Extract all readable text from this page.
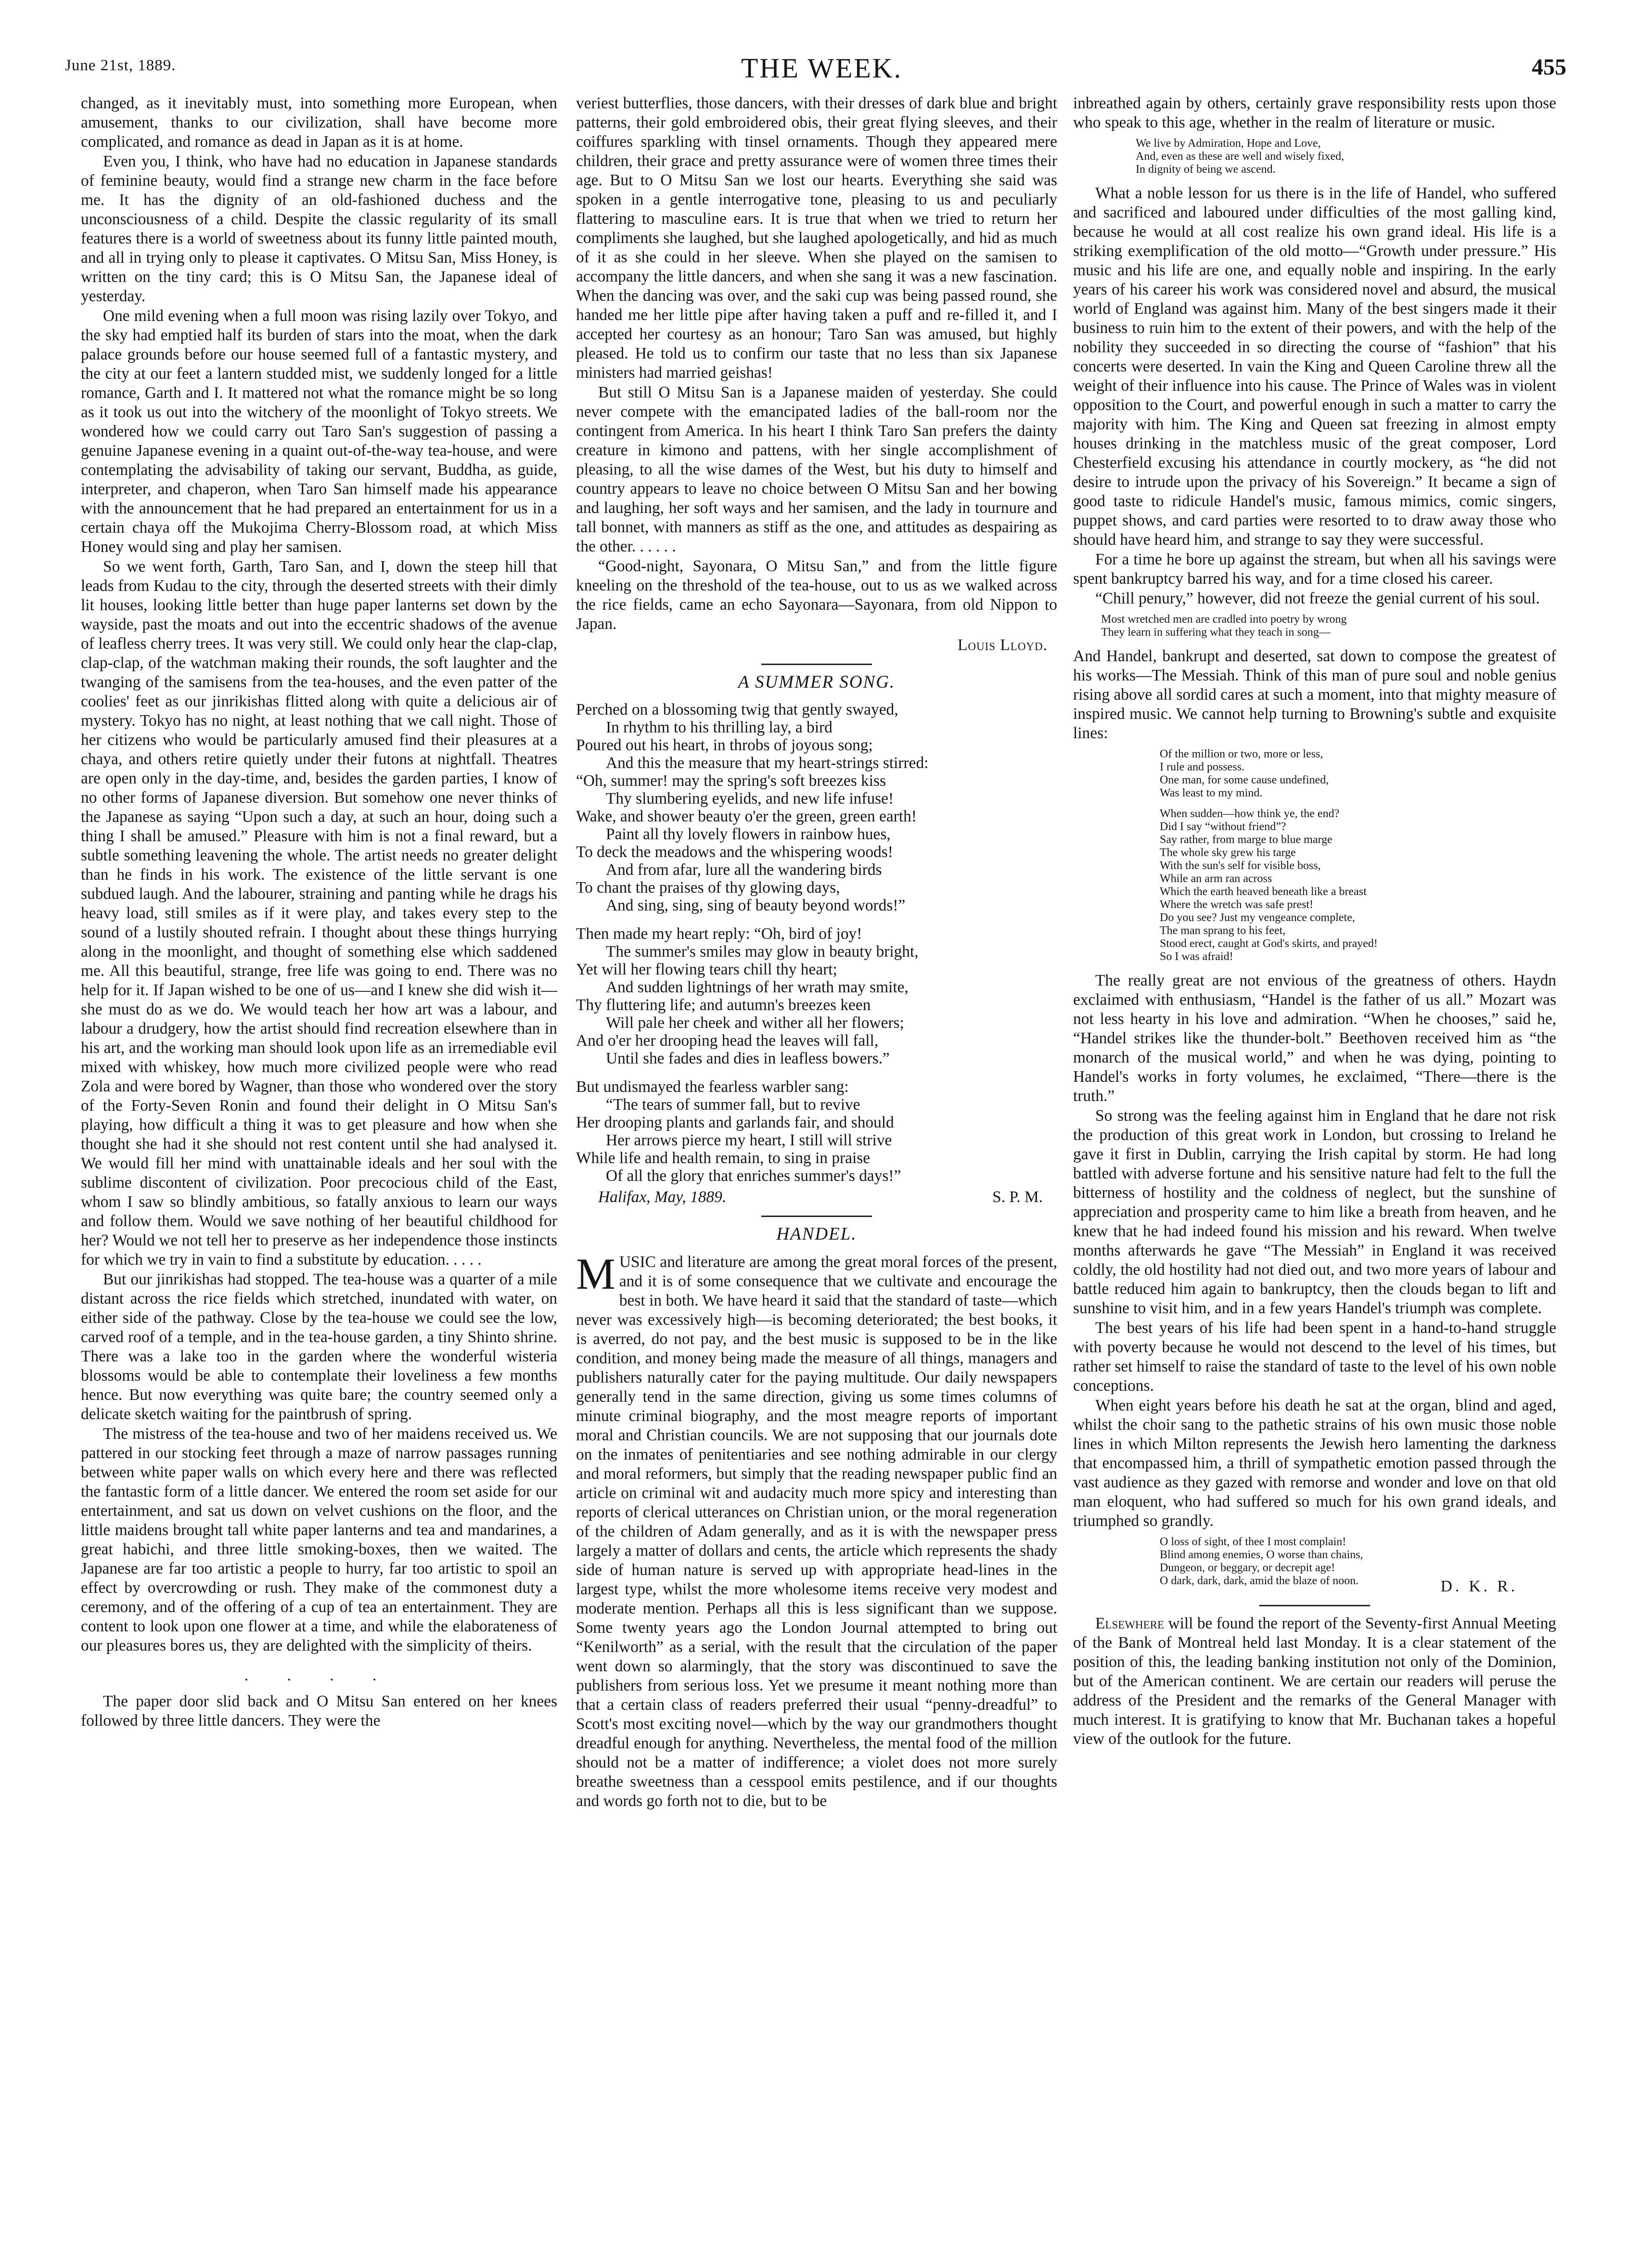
June 21st, 1889.	THE WEEK.	455

changed, as it inevitably must, into something more European, when amusement, thanks to our civilization, shall have become more complicated, and romance as dead in Japan as it is at home.

Even you, I think, who have had no education in Japanese standards of feminine beauty, would find a strange new charm in the face before me. It has the dignity of an old-fashioned duchess and the unconsciousness of a child. Despite the classic regularity of its small features there is a world of sweetness about its funny little painted mouth, and all in trying only to please it captivates. O Mitsu San, Miss Honey, is written on the tiny card; this is O Mitsu San, the Japanese ideal of yesterday.

One mild evening when a full moon was rising lazily over Tokyo, and the sky had emptied half its burden of stars into the moat, when the dark palace grounds before our house seemed full of a fantastic mystery, and the city at our feet a lantern studded mist, we suddenly longed for a little romance, Garth and I. It mattered not what the romance might be so long as it took us out into the witchery of the moonlight of Tokyo streets. We wondered how we could carry out Taro San's suggestion of passing a genuine Japanese evening in a quaint out-of-the-way tea-house, and were contemplating the advisability of taking our servant, Buddha, as guide, interpreter, and chaperon, when Taro San himself made his appearance with the announcement that he had prepared an entertainment for us in a certain chaya off the Mukojima Cherry-Blossom road, at which Miss Honey would sing and play her samisen.

So we went forth, Garth, Taro San, and I, down the steep hill that leads from Kudau to the city, through the deserted streets with their dimly lit houses, looking little better than huge paper lanterns set down by the wayside, past the moats and out into the eccentric shadows of the avenue of leafless cherry trees. It was very still. We could only hear the clap-clap, clap-clap, of the watchman making their rounds, the soft laughter and the twanging of the samisens from the tea-houses, and the even patter of the coolies' feet as our jinrikishas flitted along with quite a delicious air of mystery. Tokyo has no night, at least nothing that we call night. Those of her citizens who would be particularly amused find their pleasures at a chaya, and others retire quietly under their futons at nightfall. Theatres are open only in the day-time, and, besides the garden parties, I know of no other forms of Japanese diversion. But somehow one never thinks of the Japanese as saying “Upon such a day, at such an hour, doing such a thing I shall be amused.” Pleasure with him is not a final reward, but a subtle something leavening the whole. The artist needs no greater delight than he finds in his work. The existence of the little servant is one subdued laugh. And the labourer, straining and panting while he drags his heavy load, still smiles as if it were play, and takes every step to the sound of a lustily shouted refrain. I thought about these things hurrying along in the moonlight, and thought of something else which saddened me. All this beautiful, strange, free life was going to end. There was no help for it. If Japan wished to be one of us—and I knew she did wish it—she must do as we do. We would teach her how art was a labour, and labour a drudgery, how the artist should find recreation elsewhere than in his art, and the working man should look upon life as an irremediable evil mixed with whiskey, how much more civilized people were who read Zola and were bored by Wagner, than those who wondered over the story of the Forty-Seven Ronin and found their delight in O Mitsu San's playing, how difficult a thing it was to get pleasure and how when she thought she had it she should not rest content until she had analysed it. We would fill her mind with unattainable ideals and her soul with the sublime discontent of civilization. Poor precocious child of the East, whom I saw so blindly ambitious, so fatally anxious to learn our ways and follow them. Would we save nothing of her beautiful childhood for her? Would we not tell her to preserve as her independence those instincts for which we try in vain to find a substitute by education. . . . .

But our jinrikishas had stopped. The tea-house was a quarter of a mile distant across the rice fields which stretched, inundated with water, on either side of the pathway. Close by the tea-house we could see the low, carved roof of a temple, and in the tea-house garden, a tiny Shinto shrine. There was a lake too in the garden where the wonderful wisteria blossoms would be able to contemplate their loveliness a few months hence. But now everything was quite bare; the country seemed only a delicate sketch waiting for the paintbrush of spring.

The mistress of the tea-house and two of her maidens received us. We pattered in our stocking feet through a maze of narrow passages running between white paper walls on which every here and there was reflected the fantastic form of a little dancer. We entered the room set aside for our entertainment, and sat us down on velvet cushions on the floor, and the little maidens brought tall white paper lanterns and tea and mandarines, a great habichi, and three little smoking-boxes, then we waited. The Japanese are far too artistic a people to hurry, far too artistic to spoil an effect by overcrowding or rush. They make of the commonest duty a ceremony, and of the offering of a cup of tea an entertainment. They are content to look upon one flower at a time, and while the elaborateness of our pleasures bores us, they are delighted with the simplicity of theirs.

. . . .

The paper door slid back and O Mitsu San entered on her knees followed by three little dancers. They were the

veriest butterflies, those dancers, with their dresses of dark blue and bright patterns, their gold embroidered obis, their great flying sleeves, and their coiffures sparkling with tinsel ornaments. Though they appeared mere children, their grace and pretty assurance were of women three times their age. But to O Mitsu San we lost our hearts. Everything she said was spoken in a gentle interrogative tone, pleasing to us and peculiarly flattering to masculine ears. It is true that when we tried to return her compliments she laughed, but she laughed apologetically, and hid as much of it as she could in her sleeve. When she played on the samisen to accompany the little dancers, and when she sang it was a new fascination. When the dancing was over, and the saki cup was being passed round, she handed me her little pipe after having taken a puff and re-filled it, and I accepted her courtesy as an honour; Taro San was amused, but highly pleased. He told us to confirm our taste that no less than six Japanese ministers had married geishas!

But still O Mitsu San is a Japanese maiden of yesterday. She could never compete with the emancipated ladies of the ball-room nor the contingent from America. In his heart I think Taro San prefers the dainty creature in kimono and pattens, with her single accomplishment of pleasing, to all the wise dames of the West, but his duty to himself and country appears to leave no choice between O Mitsu San and her bowing and laughing, her soft ways and her samisen, and the lady in tournure and tall bonnet, with manners as stiff as the one, and attitudes as despairing as the other. . . . . .

“Good-night, Sayonara, O Mitsu San,” and from the little figure kneeling on the threshold of the tea-house, out to us as we walked across the rice fields, came an echo Sayonara—Sayonara, from old Nippon to Japan.

Louis Lloyd.
A SUMMER SONG.
Perched on a blossoming twig that gently swayed,
In rhythm to his thrilling lay, a bird
Poured out his heart, in throbs of joyous song;
And this the measure that my heart-strings stirred:
“Oh, summer! may the spring's soft breezes kiss
Thy slumbering eyelids, and new life infuse!
Wake, and shower beauty o'er the green, green earth!
Paint all thy lovely flowers in rainbow hues,
To deck the meadows and the whispering woods!
And from afar, lure all the wandering birds
To chant the praises of thy glowing days,
And sing, sing, sing of beauty beyond words!”
Then made my heart reply: “Oh, bird of joy!
The summer's smiles may glow in beauty bright,
Yet will her flowing tears chill thy heart;
And sudden lightnings of her wrath may smite,
Thy fluttering life; and autumn's breezes keen
Will pale her cheek and wither all her flowers;
And o'er her drooping head the leaves will fall,
Until she fades and dies in leafless bowers.”
But undismayed the fearless warbler sang:
“The tears of summer fall, but to revive
Her drooping plants and garlands fair, and should
Her arrows pierce my heart, I still will strive
While life and health remain, to sing in praise
Of all the glory that enriches summer's days!”
Halifax, May, 1889.	S. P. M.
HANDEL.

MUSIC and literature are among the great moral forces of the present, and it is of some consequence that we cultivate and encourage the best in both. We have heard it said that the standard of taste—which never was excessively high—is becoming deteriorated; the best books, it is averred, do not pay, and the best music is supposed to be in the like condition, and money being made the measure of all things, managers and publishers naturally cater for the paying multitude. Our daily newspapers generally tend in the same direction, giving us some times columns of minute criminal biography, and the most meagre reports of important moral and Christian councils. We are not supposing that our journals dote on the inmates of penitentiaries and see nothing admirable in our clergy and moral reformers, but simply that the reading newspaper public find an article on criminal wit and audacity much more spicy and interesting than reports of clerical utterances on Christian union, or the moral regeneration of the children of Adam generally, and as it is with the newspaper press largely a matter of dollars and cents, the article which represents the shady side of human nature is served up with appropriate head-lines in the largest type, whilst the more wholesome items receive very modest and moderate mention. Perhaps all this is less significant than we suppose. Some twenty years ago the London Journal attempted to bring out “Kenilworth” as a serial, with the result that the circulation of the paper went down so alarmingly, that the story was discontinued to save the publishers from serious loss. Yet we presume it meant nothing more than that a certain class of readers preferred their usual “penny-dreadful” to Scott's most exciting novel—which by the way our grandmothers thought dreadful enough for anything. Nevertheless, the mental food of the million should not be a matter of indifference; a violet does not more surely breathe sweetness than a cesspool emits pestilence, and if our thoughts and words go forth not to die, but to be

inbreathed again by others, certainly grave responsibility rests upon those who speak to this age, whether in the realm of literature or music.

We live by Admiration, Hope and Love,
And, even as these are well and wisely fixed,
In dignity of being we ascend.

What a noble lesson for us there is in the life of Handel, who suffered and sacrificed and laboured under difficulties of the most galling kind, because he would at all cost realize his own grand ideal. His life is a striking exemplification of the old motto—“Growth under pressure.” His music and his life are one, and equally noble and inspiring. In the early years of his career his work was considered novel and absurd, the musical world of England was against him. Many of the best singers made it their business to ruin him to the extent of their powers, and with the help of the nobility they succeeded in so directing the course of “fashion” that his concerts were deserted. In vain the King and Queen Caroline threw all the weight of their influence into his cause. The Prince of Wales was in violent opposition to the Court, and powerful enough in such a matter to carry the majority with him. The King and Queen sat freezing in almost empty houses drinking in the matchless music of the great composer, Lord Chesterfield excusing his attendance in courtly mockery, as “he did not desire to intrude upon the privacy of his Sovereign.” It became a sign of good taste to ridicule Handel's music, famous mimics, comic singers, puppet shows, and card parties were resorted to to draw away those who should have heard him, and strange to say they were successful.

For a time he bore up against the stream, but when all his savings were spent bankruptcy barred his way, and for a time closed his career.

“Chill penury,” however, did not freeze the genial current of his soul.

Most wretched men are cradled into poetry by wrong
They learn in suffering what they teach in song—

And Handel, bankrupt and deserted, sat down to compose the greatest of his works—The Messiah. Think of this man of pure soul and noble genius rising above all sordid cares at such a moment, into that mighty measure of inspired music. We cannot help turning to Browning's subtle and exquisite lines:

Of the million or two, more or less,
I rule and possess.
One man, for some cause undefined,
Was least to my mind.
When sudden—how think ye, the end?
Did I say “without friend”?
Say rather, from marge to blue marge
The whole sky grew his targe
With the sun's self for visible boss,
While an arm ran across
Which the earth heaved beneath like a breast
Where the wretch was safe prest!
Do you see? Just my vengeance complete,
The man sprang to his feet,
Stood erect, caught at God's skirts, and prayed!
So I was afraid!

The really great are not envious of the greatness of others. Haydn exclaimed with enthusiasm, “Handel is the father of us all.” Mozart was not less hearty in his love and admiration. “When he chooses,” said he, “Handel strikes like the thunder-bolt.” Beethoven received him as “the monarch of the musical world,” and when he was dying, pointing to Handel's works in forty volumes, he exclaimed, “There—there is the truth.”

So strong was the feeling against him in England that he dare not risk the production of this great work in London, but crossing to Ireland he gave it first in Dublin, carrying the Irish capital by storm. He had long battled with adverse fortune and his sensitive nature had felt to the full the bitterness of hostility and the coldness of neglect, but the sunshine of appreciation and prosperity came to him like a breath from heaven, and he knew that he had indeed found his mission and his reward. When twelve months afterwards he gave “The Messiah” in England it was received coldly, the old hostility had not died out, and two more years of labour and battle reduced him again to bankruptcy, then the clouds began to lift and sunshine to visit him, and in a few years Handel's triumph was complete.

The best years of his life had been spent in a hand-to-hand struggle with poverty because he would not descend to the level of his times, but rather set himself to raise the standard of taste to the level of his own noble conceptions.

When eight years before his death he sat at the organ, blind and aged, whilst the choir sang to the pathetic strains of his own music those noble lines in which Milton represents the Jewish hero lamenting the darkness that encompassed him, a thrill of sympathetic emotion passed through the vast audience as they gazed with remorse and wonder and love on that old man eloquent, who had suffered so much for his own grand ideals, and triumphed so grandly.

O loss of sight, of thee I most complain!
Blind among enemies, O worse than chains,
Dungeon, or beggary, or decrepit age!
O dark, dark, dark, amid the blaze of noon.	D. K. R.

Elsewhere will be found the report of the Seventy-first Annual Meeting of the Bank of Montreal held last Monday. It is a clear statement of the position of this, the leading banking institution not only of the Dominion, but of the American continent. We are certain our readers will peruse the address of the President and the remarks of the General Manager with much interest. It is gratifying to know that Mr. Buchanan takes a hopeful view of the outlook for the future.
